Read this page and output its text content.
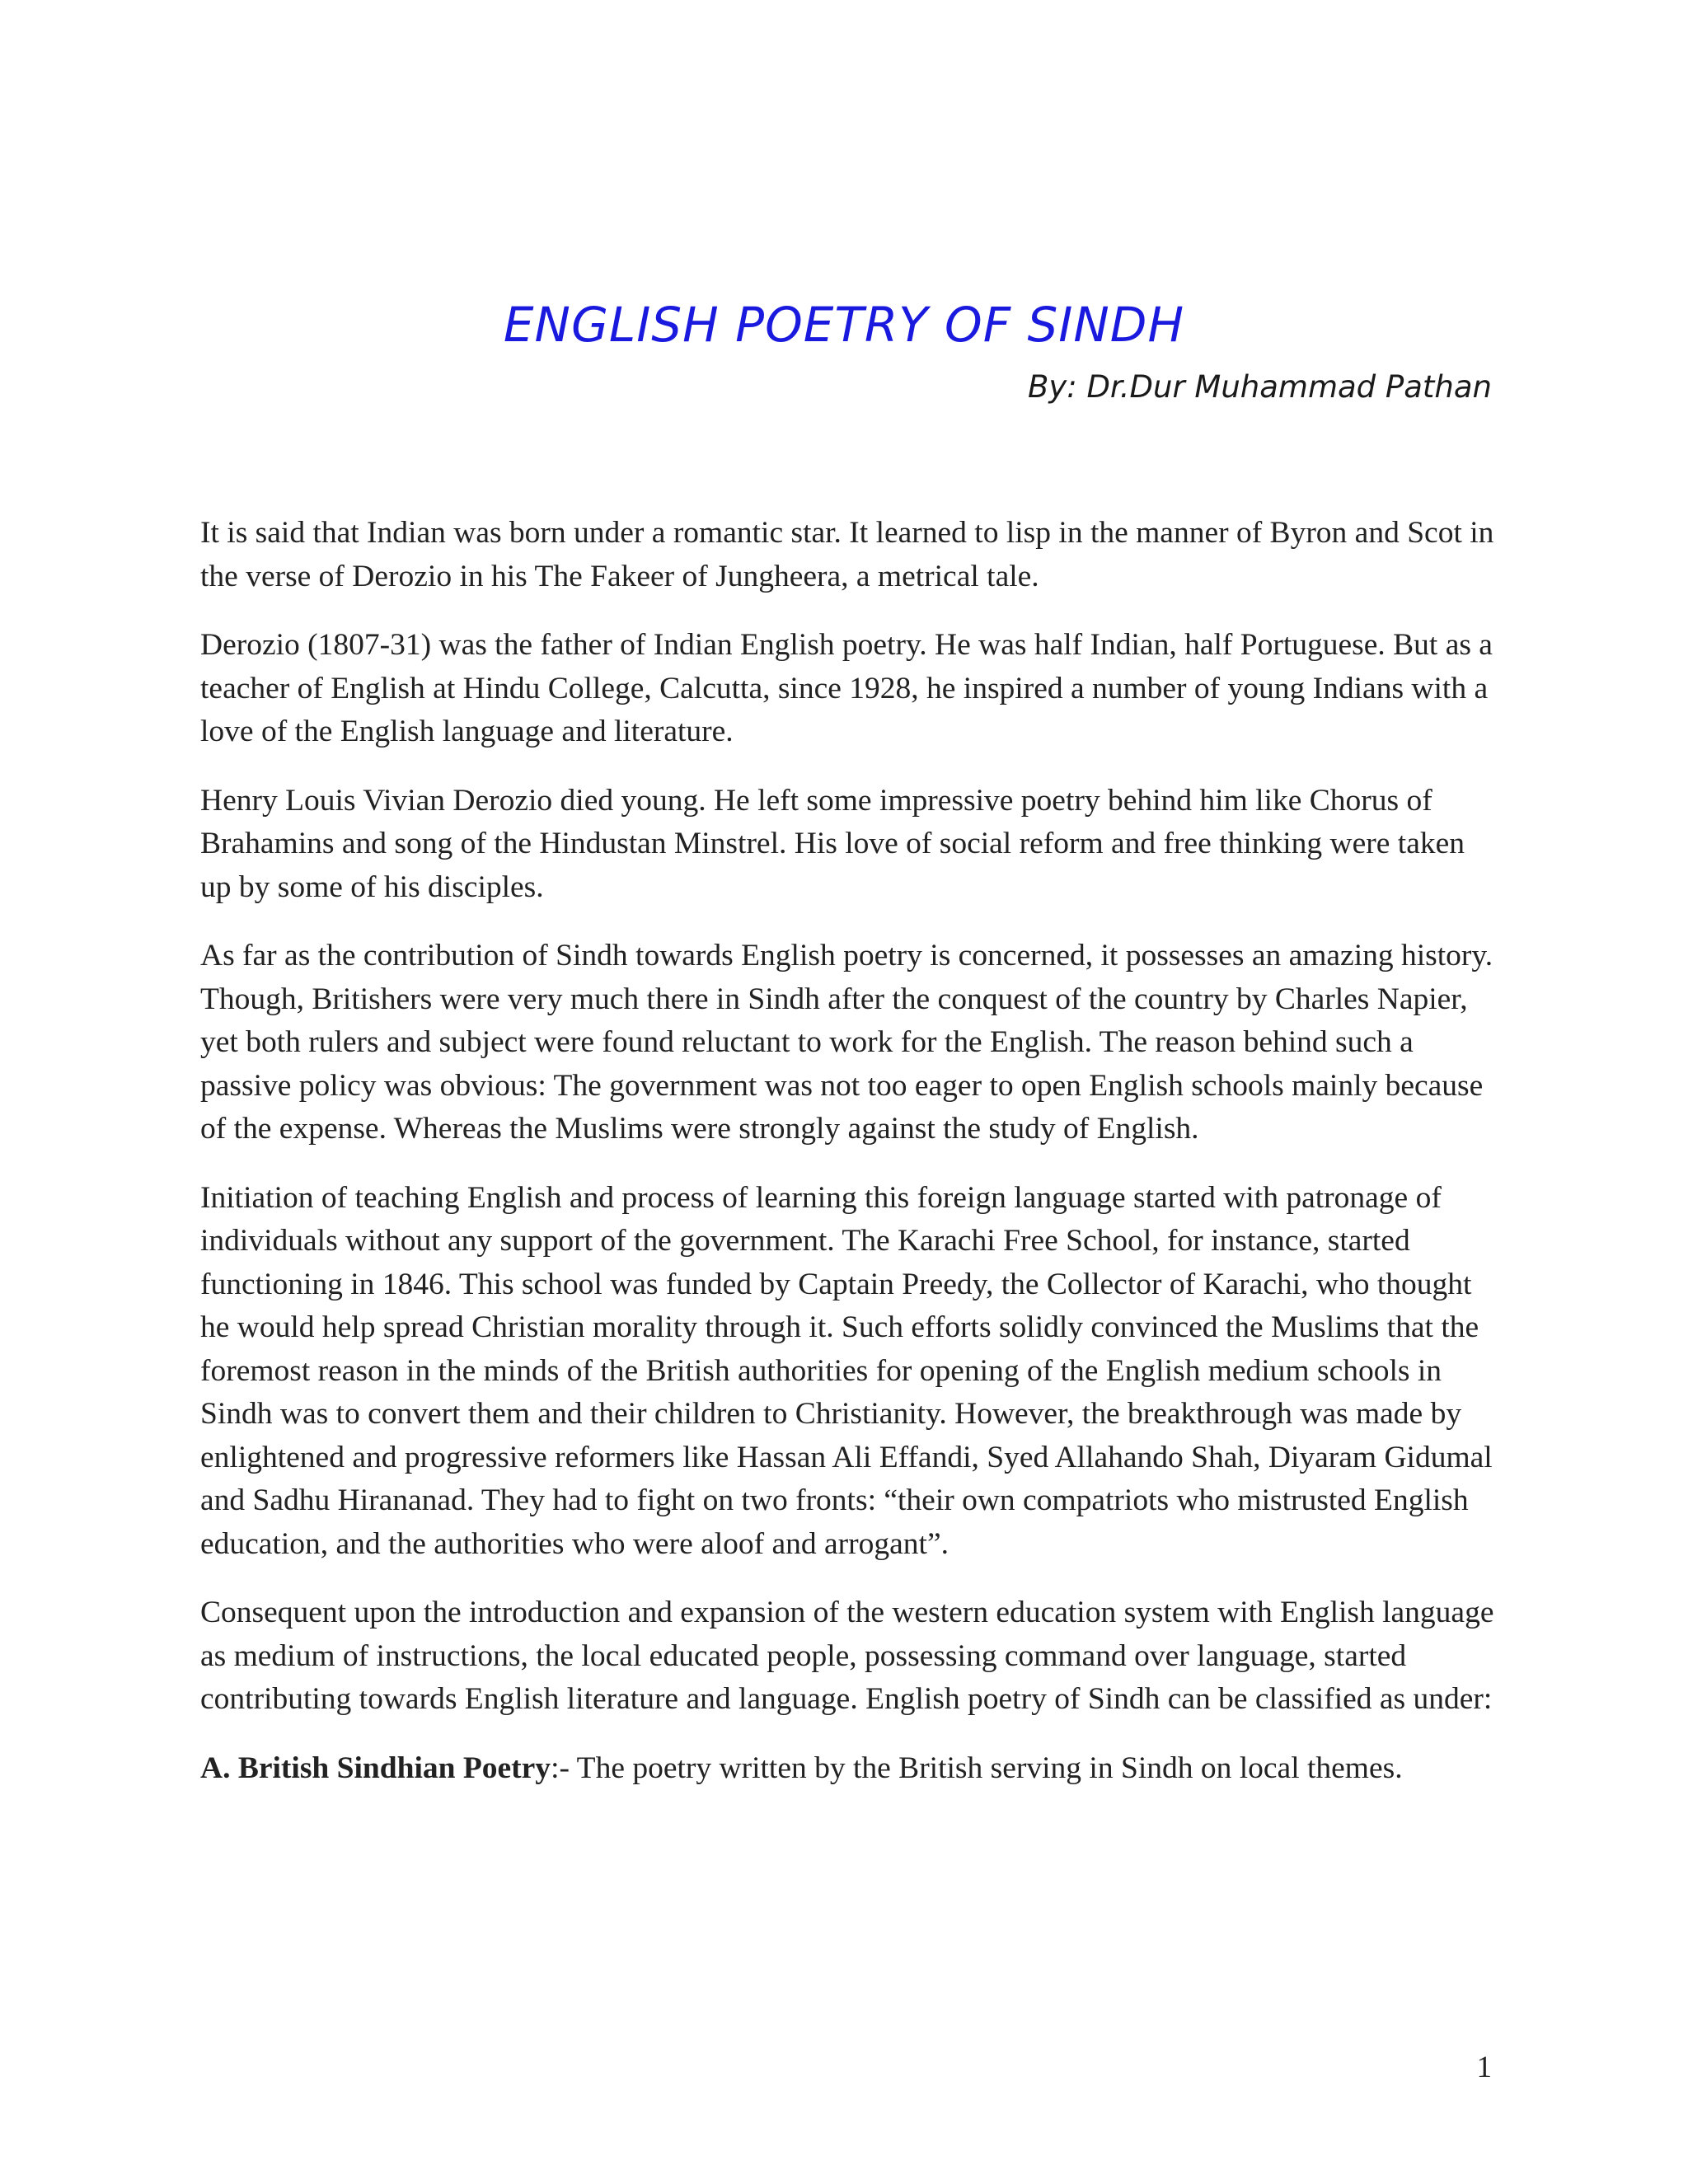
ENGLISH POETRY OF SINDH

By: Dr.Dur Muhammad Pathan

It is said that Indian was born under a romantic star. It learned to lisp in the manner of Byron and Scot in the verse of Derozio in his The Fakeer of Jungheera, a metrical tale.

Derozio (1807-31) was the father of Indian English poetry. He was half Indian, half Portuguese. But as a teacher of English at Hindu College, Calcutta, since 1928, he inspired a number of young Indians with a love of the English language and literature.

Henry Louis Vivian Derozio died young. He left some impressive poetry behind him like Chorus of Brahamins and song of the Hindustan Minstrel. His love of social reform and free thinking were taken up by some of his disciples.

As far as the contribution of Sindh towards English poetry is concerned, it possesses an amazing history. Though, Britishers were very much there in Sindh after the conquest of the country by Charles Napier, yet both rulers and subject were found reluctant to work for the English. The reason behind such a passive policy was obvious: The government was not too eager to open English schools mainly because of the expense. Whereas the Muslims were strongly against the study of English.

Initiation of teaching English and process of learning this foreign language started with patronage of individuals without any support of the government. The Karachi Free School, for instance, started functioning in 1846. This school was funded by Captain Preedy, the Collector of Karachi, who thought he would help spread Christian morality through it. Such efforts solidly convinced the Muslims that the foremost reason in the minds of the British authorities for opening of the English medium schools in Sindh was to convert them and their children to Christianity. However, the breakthrough was made by enlightened and progressive reformers like Hassan Ali Effandi, Syed Allahando Shah, Diyaram Gidumal and Sadhu Hirananad. They had to fight on two fronts: “their own compatriots who mistrusted English education, and the authorities who were aloof and arrogant”.

Consequent upon the introduction and expansion of the western education system with English language as medium of instructions, the local educated people, possessing command over language, started contributing towards English literature and language. English poetry of Sindh can be classified as under:

A. British Sindhian Poetry:- The poetry written by the British serving in Sindh on local themes.

1
